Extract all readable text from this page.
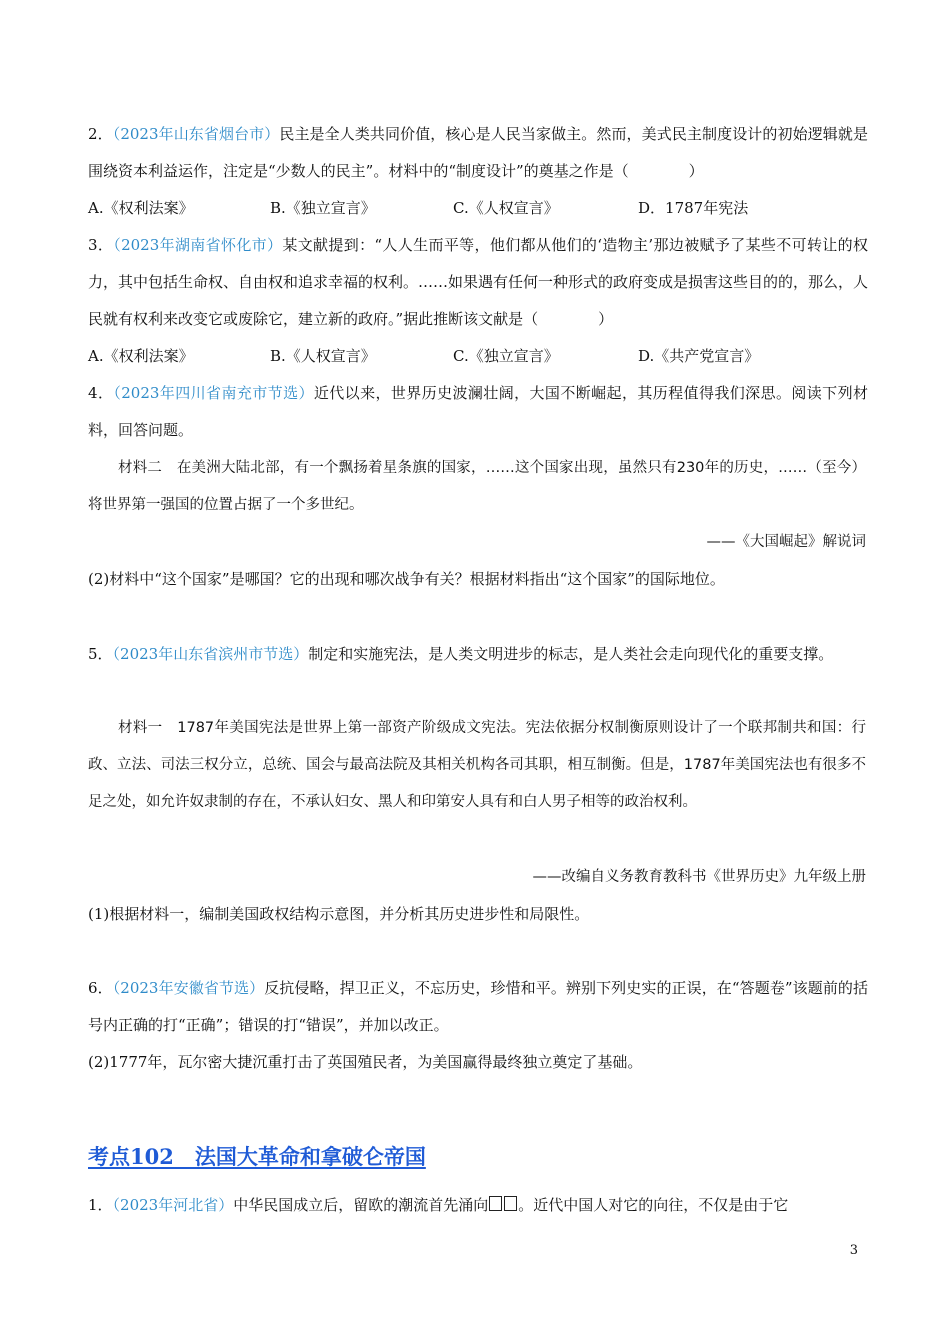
2．（2023年山东省烟台市）民主是全人类共同价值，核心是人民当家做主。然而，美式民主制度设计的初始逻辑就是围绕资本利益运作，注定是“少数人的民主”。材料中的“制度设计”的奠基之作是（　　　　）

A.《权利法案》	B.《独立宣言》	C.《人权宣言》	D．1787年宪法

3．（2023年湖南省怀化市）某文献提到：“人人生而平等，他们都从他们的‘造物主’那边被赋予了某些不可转让的权力，其中包括生命权、自由权和追求幸福的权利。……如果遇有任何一种形式的政府变成是损害这些目的的，那么，人民就有权利来改变它或废除它，建立新的政府。”据此推断该文献是（　　　　）

A.《权利法案》	B.《人权宣言》	C.《独立宣言》	D.《共产党宣言》

4．（2023年四川省南充市节选）近代以来，世界历史波澜壮阔，大国不断崛起，其历程值得我们深思。阅读下列材料，回答问题。

材料二　在美洲大陆北部，有一个飘扬着星条旗的国家，……这个国家出现，虽然只有230年的历史，……（至今）将世界第一强国的位置占据了一个多世纪。

——《大国崛起》解说词

(2)材料中“这个国家”是哪国？它的出现和哪次战争有关？根据材料指出“这个国家”的国际地位。

5．（2023年山东省滨州市节选）制定和实施宪法，是人类文明进步的标志，是人类社会走向现代化的重要支撑。

材料一　1787年美国宪法是世界上第一部资产阶级成文宪法。宪法依据分权制衡原则设计了一个联邦制共和国：行政、立法、司法三权分立，总统、国会与最高法院及其相关机构各司其职，相互制衡。但是，1787年美国宪法也有很多不足之处，如允许奴隶制的存在，不承认妇女、黑人和印第安人具有和白人男子相等的政治权利。

——改编自义务教育教科书《世界历史》九年级上册

(1)根据材料一，编制美国政权结构示意图，并分析其历史进步性和局限性。

6．（2023年安徽省节选）反抗侵略，捍卫正义，不忘历史，珍惜和平。辨别下列史实的正误，在“答题卷”该题前的括号内正确的打“正确”；错误的打“错误”，并加以改正。

(2)1777年，瓦尔密大捷沉重打击了英国殖民者，为美国赢得最终独立奠定了基础。

考点102　法国大革命和拿破仑帝国

1．（2023年河北省）中华民国成立后，留欧的潮流首先涌向 。近代中国人对它的向往，不仅是由于它

3
